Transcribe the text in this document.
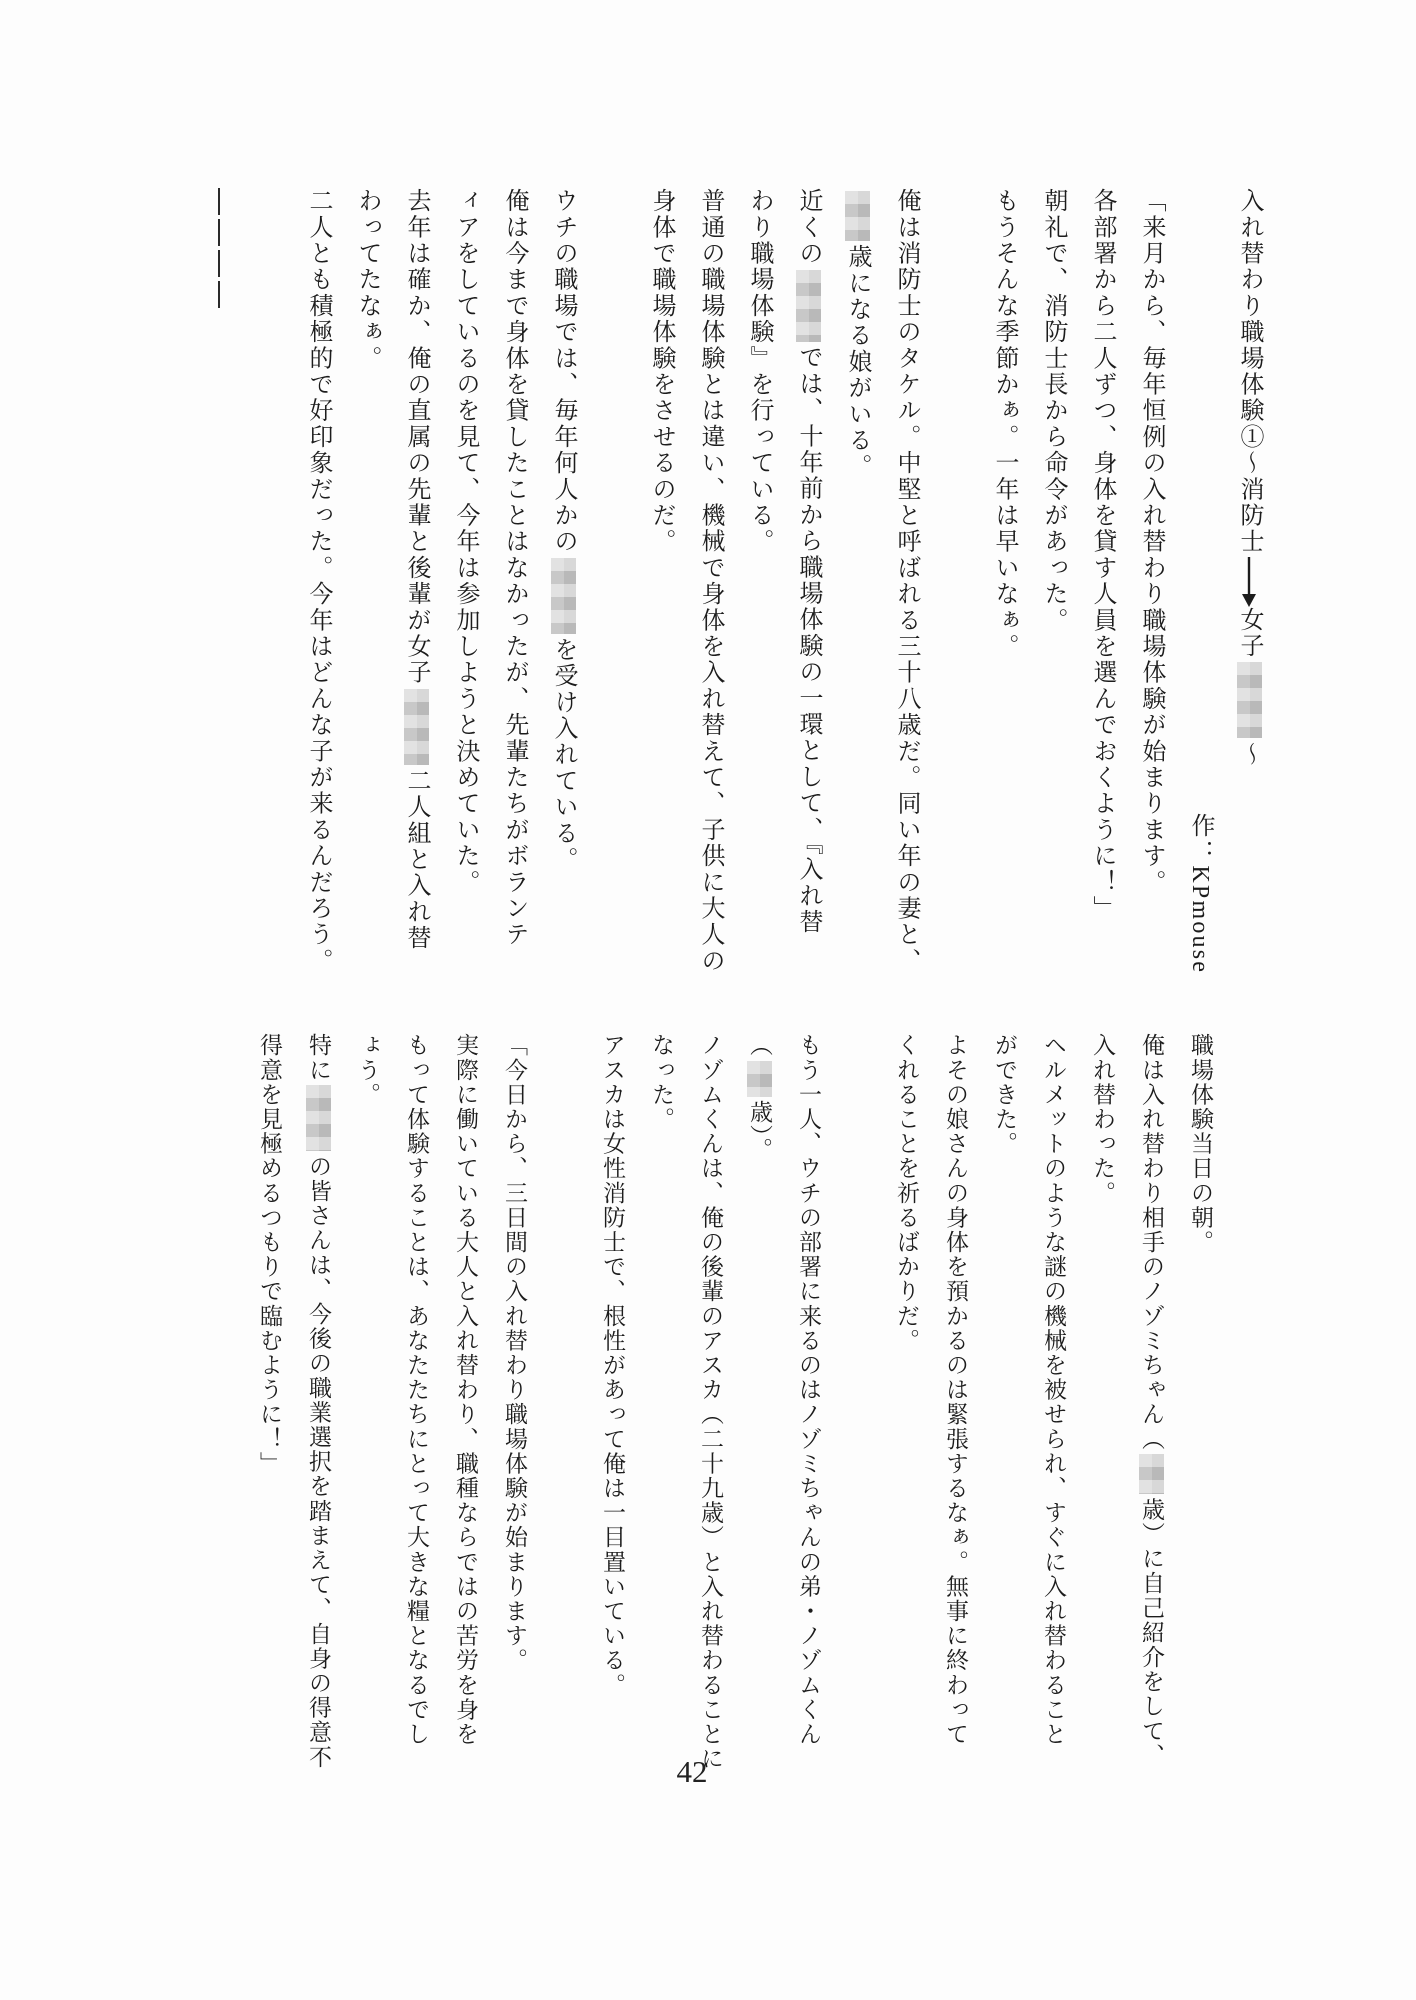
入れ替わり職場体験①～消防士女子～
作：KPmouse
「来月から、毎年恒例の入れ替わり職場体験が始まります。
各部署から二人ずつ、身体を貸す人員を選んでおくように！」
朝礼で、消防士長から命令があった。
もうそんな季節かぁ。一年は早いなぁ。
俺は消防士のタケル。中堅と呼ばれる三十八歳だ。同い年の妻と、
歳になる娘がいる。
近くのでは、十年前から職場体験の一環として、『入れ替
わり職場体験』を行っている。
普通の職場体験とは違い、機械で身体を入れ替えて、子供に大人の
身体で職場体験をさせるのだ。
ウチの職場では、毎年何人かのを受け入れている。
俺は今まで身体を貸したことはなかったが、先輩たちがボランテ
ィアをしているのを見て、今年は参加しようと決めていた。
去年は確か、俺の直属の先輩と後輩が女子二人組と入れ替
わってたなぁ。
二人とも積極的で好印象だった。今年はどんな子が来るんだろう。
職場体験当日の朝。
俺は入れ替わり相手のノゾミちゃん（歳）に自己紹介をして、
入れ替わった。
ヘルメットのような謎の機械を被せられ、すぐに入れ替わること
ができた。
よその娘さんの身体を預かるのは緊張するなぁ。無事に終わって
くれることを祈るばかりだ。
もう一人、ウチの部署に来るのはノゾミちゃんの弟・ノゾムくん
（歳）。
ノゾムくんは、俺の後輩のアスカ（二十九歳）と入れ替わることに
なった。
アスカは女性消防士で、根性があって俺は一目置いている。
「今日から、三日間の入れ替わり職場体験が始まります。
実際に働いている大人と入れ替わり、職種ならではの苦労を身を
もって体験することは、あなたたちにとって大きな糧となるでし
ょう。
特にの皆さんは、今後の職業選択を踏まえて、自身の得意不
得意を見極めるつもりで臨むように！」
42
